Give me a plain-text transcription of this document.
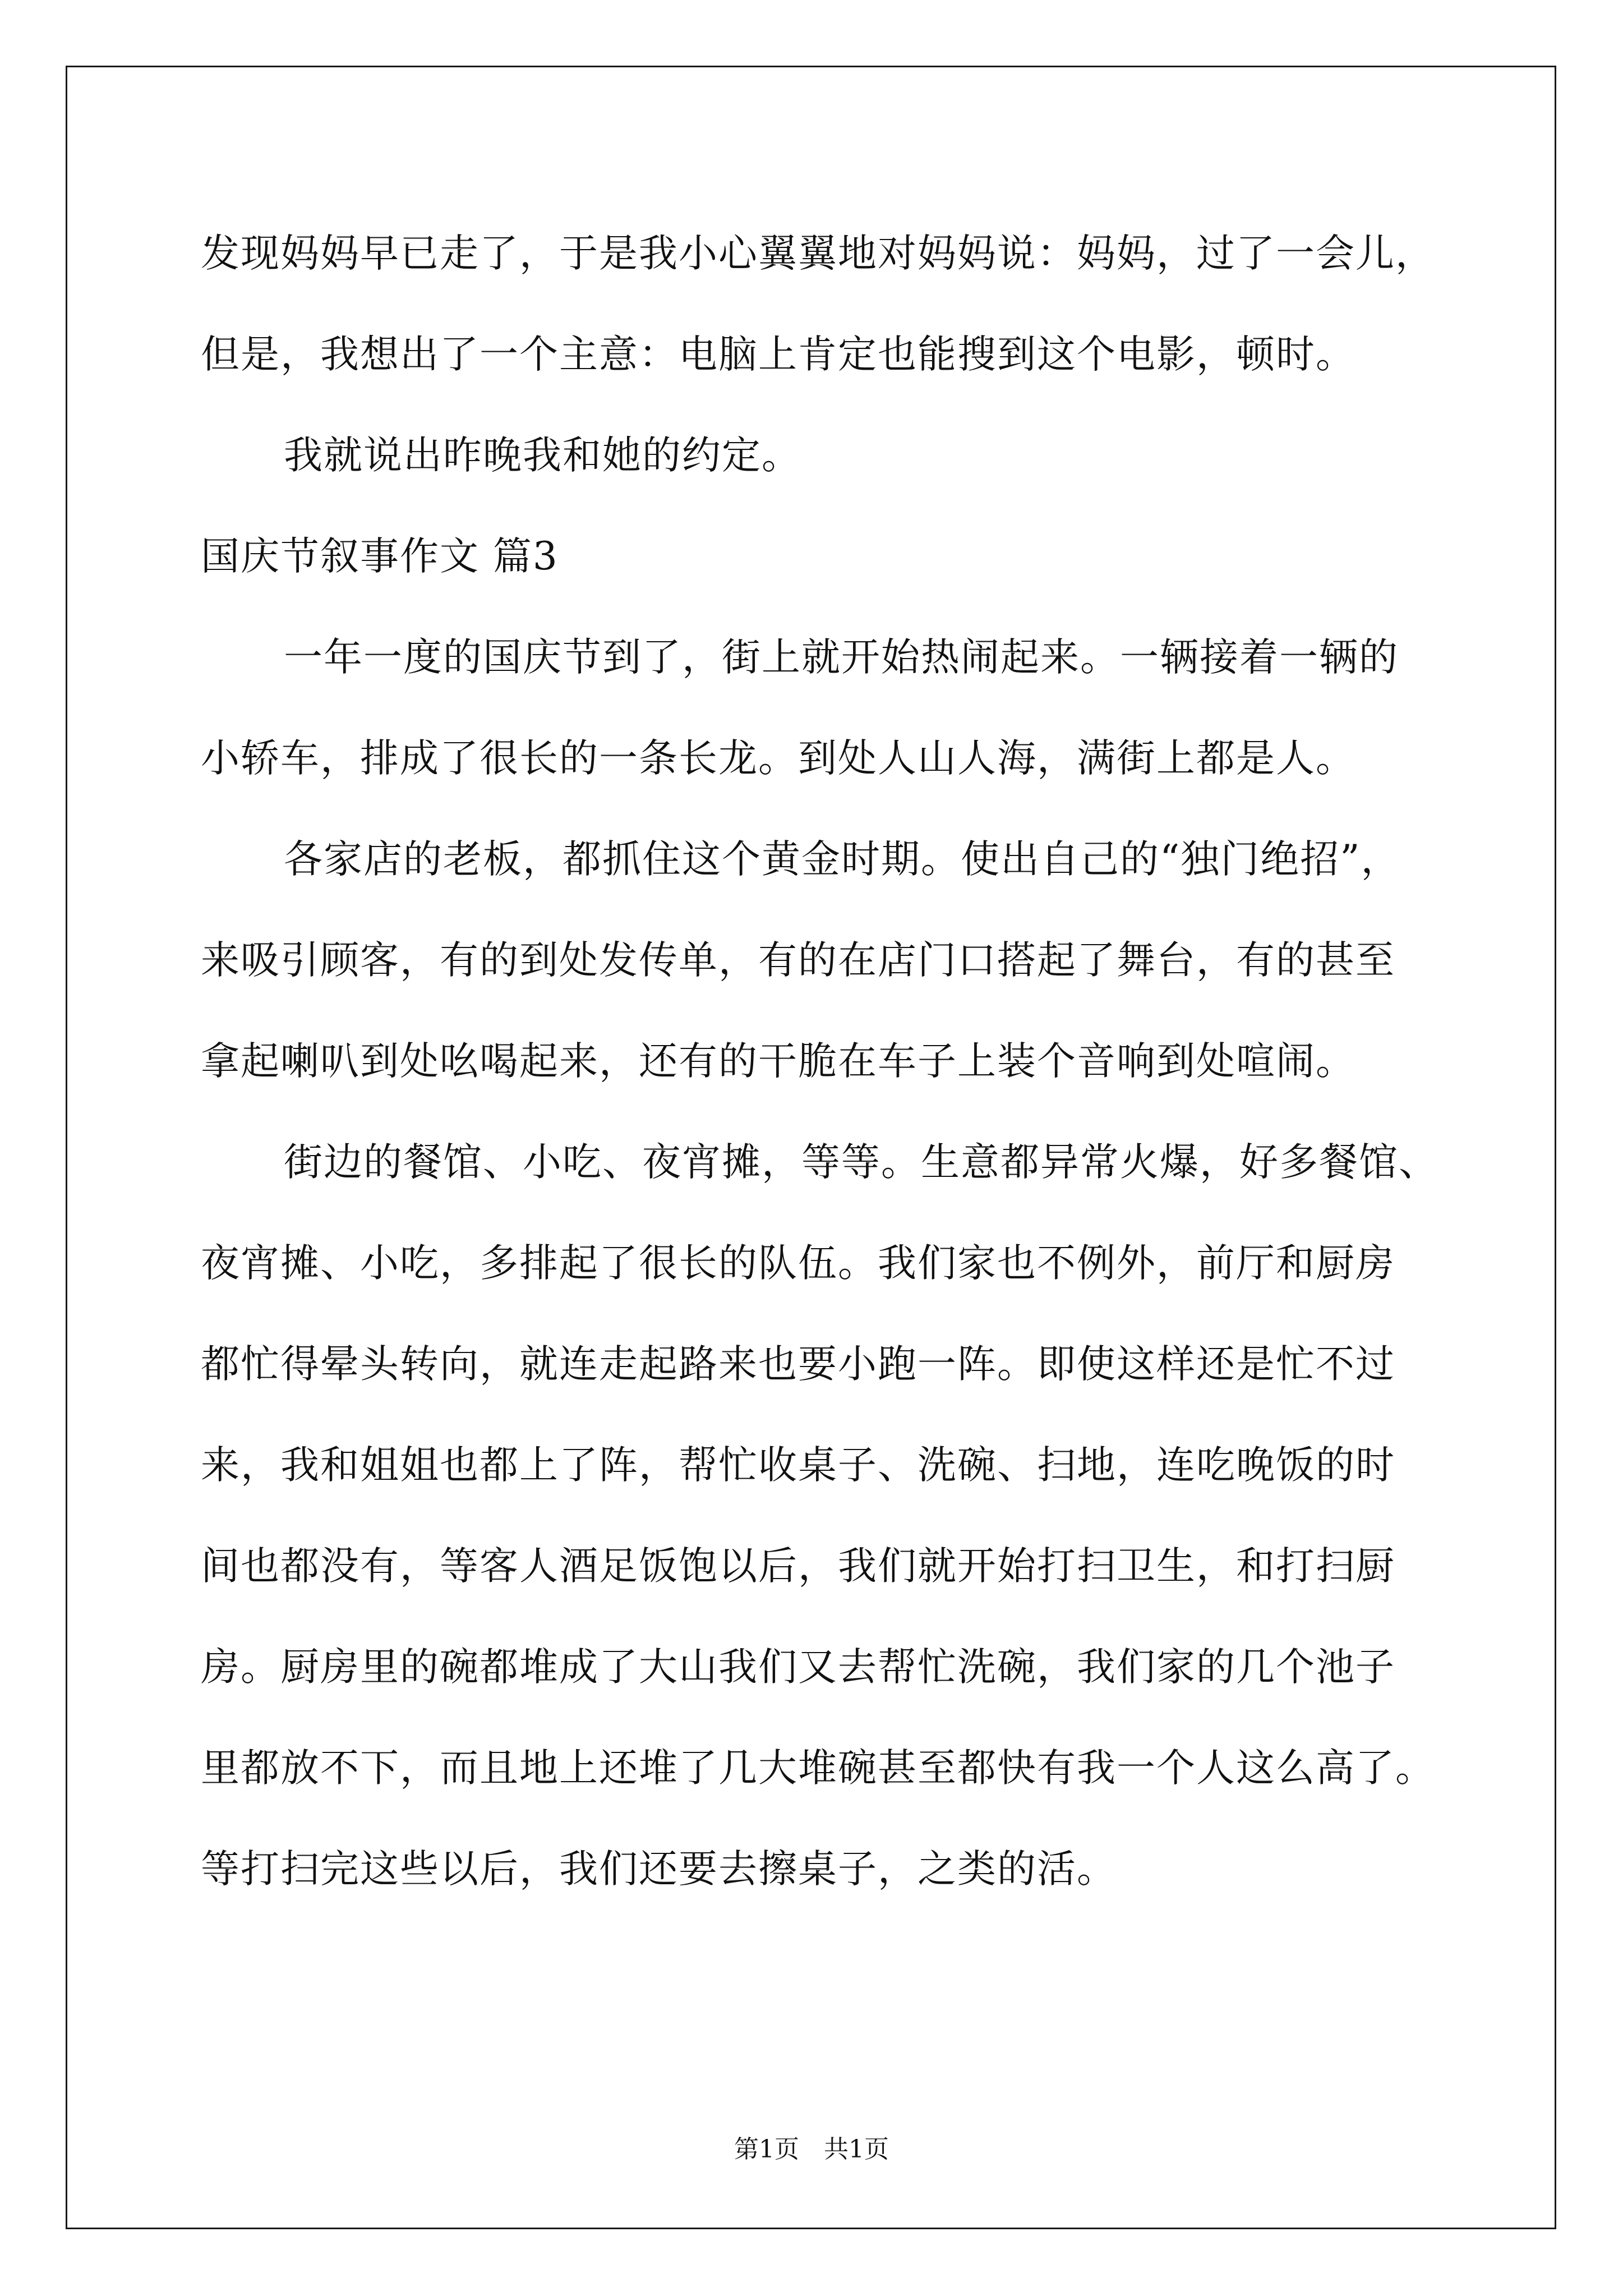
发现妈妈早已走了，于是我小心翼翼地对妈妈说：妈妈，过了一会儿，
但是，我想出了一个主意：电脑上肯定也能搜到这个电影，顿时。
我就说出昨晚我和她的约定。
国庆节叙事作文 篇3
一年一度的国庆节到了，街上就开始热闹起来。一辆接着一辆的
小轿车，排成了很长的一条长龙。到处人山人海，满街上都是人。
各家店的老板，都抓住这个黄金时期。使出自己的“独门绝招”，
来吸引顾客，有的到处发传单，有的在店门口搭起了舞台，有的甚至
拿起喇叭到处吆喝起来，还有的干脆在车子上装个音响到处喧闹。
街边的餐馆、小吃、夜宵摊，等等。生意都异常火爆，好多餐馆、
夜宵摊、小吃，多排起了很长的队伍。我们家也不例外，前厅和厨房
都忙得晕头转向，就连走起路来也要小跑一阵。即使这样还是忙不过
来，我和姐姐也都上了阵，帮忙收桌子、洗碗、扫地，连吃晚饭的时
间也都没有，等客人酒足饭饱以后，我们就开始打扫卫生，和打扫厨
房。厨房里的碗都堆成了大山我们又去帮忙洗碗，我们家的几个池子
里都放不下，而且地上还堆了几大堆碗甚至都快有我一个人这么高了。
等打扫完这些以后，我们还要去擦桌子，之类的活。
第1页　共1页
